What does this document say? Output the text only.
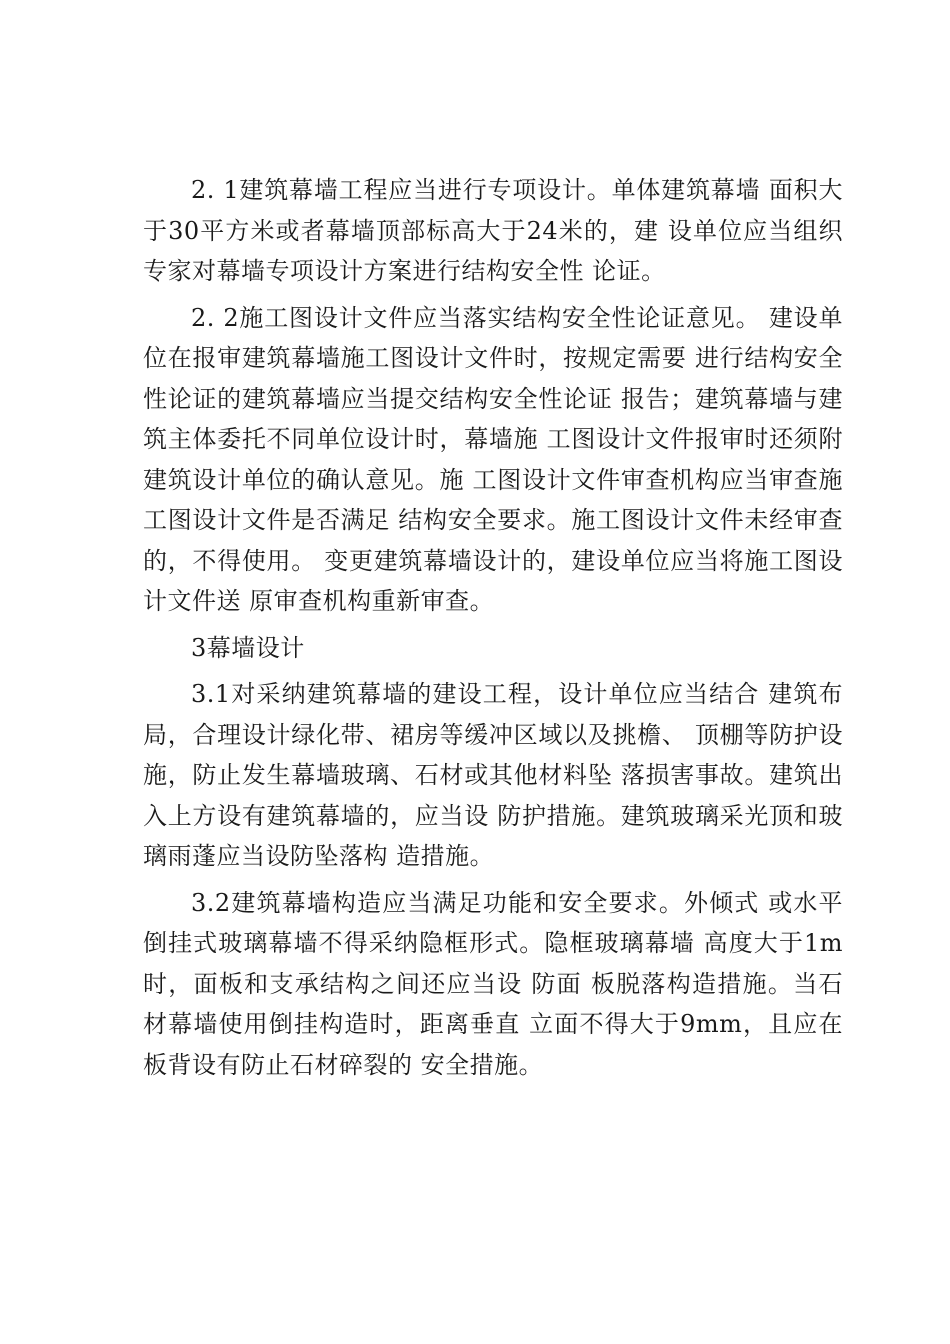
2. 1建筑幕墙工程应当进行专项设计。单体建筑幕墙 面积大于30平方米或者幕墙顶部标高大于24米的，建 设单位应当组织专家对幕墙专项设计方案进行结构安全性 论证。

2. 2施工图设计文件应当落实结构安全性论证意见。 建设单位在报审建筑幕墙施工图设计文件时，按规定需要 进行结构安全性论证的建筑幕墙应当提交结构安全性论证 报告；建筑幕墙与建筑主体委托不同单位设计时，幕墙施 工图设计文件报审时还须附建筑设计单位的确认意见。施 工图设计文件审查机构应当审查施工图设计文件是否满足 结构安全要求。施工图设计文件未经审查的，不得使用。 变更建筑幕墙设计的，建设单位应当将施工图设计文件送 原审查机构重新审查。

3幕墙设计

3.1对采纳建筑幕墙的建设工程，设计单位应当结合 建筑布局，合理设计绿化带、裙房等缓冲区域以及挑檐、 顶棚等防护设施，防止发生幕墙玻璃、石材或其他材料坠 落损害事故。建筑出入上方设有建筑幕墙的，应当设 防护措施。建筑玻璃采光顶和玻璃雨蓬应当设防坠落构 造措施。

3.2建筑幕墙构造应当满足功能和安全要求。外倾式 或水平倒挂式玻璃幕墙不得采纳隐框形式。隐框玻璃幕墙 高度大于1m时，面板和支承结构之间还应当设 防面 板脱落构造措施。当石材幕墙使用倒挂构造时，距离垂直 立面不得大于9mm，且应在板背设有防止石材碎裂的 安全措施。
